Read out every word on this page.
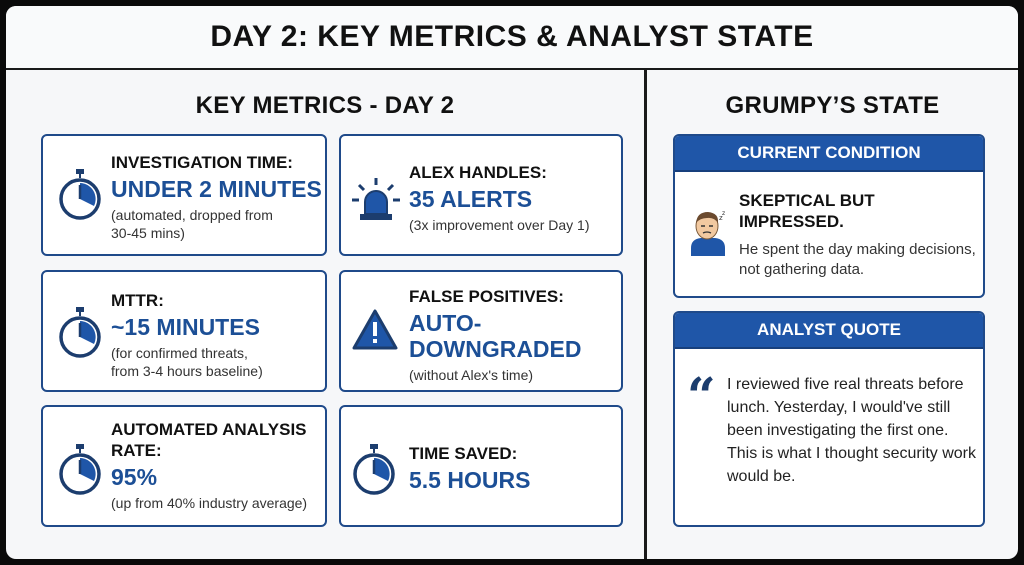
DAY 2: KEY METRICS & ANALYST STATE
KEY METRICS - DAY 2	GRUMPY’S STATE
INVESTIGATION TIME:
UNDER 2 MINUTES
(automated, dropped from
30-45 mins)
ALEX HANDLES:
35 ALERTS
(3x improvement over Day 1)
MTTR:
~15 MINUTES
(for confirmed threats,
from 3-4 hours baseline)
FALSE POSITIVES:
AUTO-
DOWNGRADED
(without Alex's time)
AUTOMATED ANALYSIS
RATE:
95%
(up from 40% industry average)
TIME SAVED:
5.5 HOURS
CURRENT CONDITION
z
z
SKEPTICAL BUT
IMPRESSED.
He spent the day making decisions, not gathering data.
ANALYST QUOTE
“ I reviewed five real threats before lunch. Yesterday, I would've still been investigating the first one. This is what I thought security work would be.
